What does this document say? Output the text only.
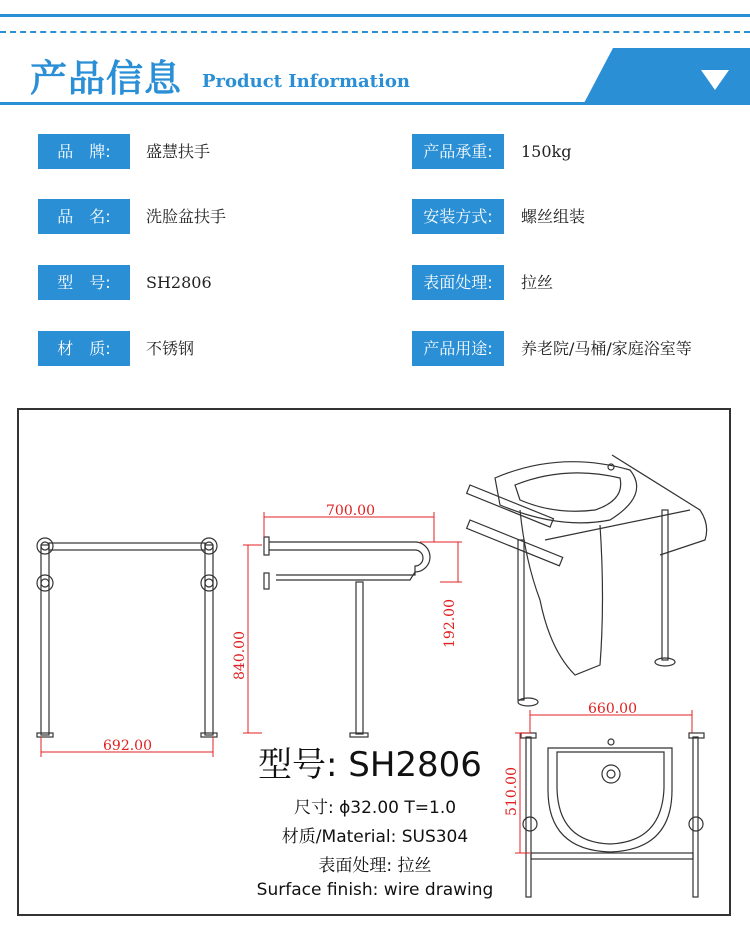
产品信息 Product Information
品　牌:	盛慧扶手
品　名:	洗脸盆扶手
型　号:	SH2806
材　质:	不锈钢
产品承重:	150kg
安装方式:	螺丝组装
表面处理:	拉丝
产品用途:	养老院/马桶/家庭浴室等
692.00
700.00
840.00
192.00
660.00
510.00
型号: SH2806
尺寸: ϕ32.00 T=1.0
材质/Material: SUS304
表面处理: 拉丝
Surface finish: wire drawing
